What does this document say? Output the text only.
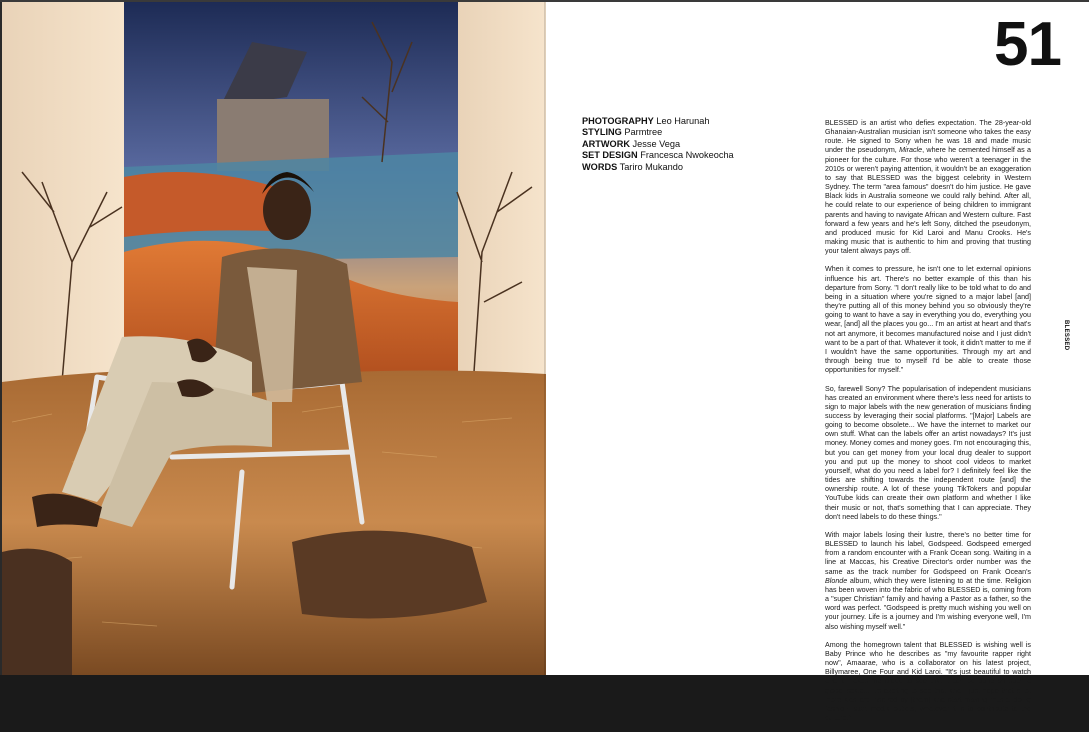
51
PHOTOGRAPHY Leo Harunah
STYLING Parmtree
ARTWORK Jesse Vega
SET DESIGN Francesca Nwokeocha
WORDS Tariro Mukando

BLESSED is an artist who defies expectation. The 28-year-old Ghanaian-Australian musician isn't someone who takes the easy route. He signed to Sony when he was 18 and made music under the pseudonym, Miracle, where he cemented himself as a pioneer for the culture. For those who weren't a teenager in the 2010s or weren't paying attention, it wouldn't be an exaggeration to say that BLESSED was the biggest celebrity in Western Sydney. The term "area famous" doesn't do him justice. He gave Black kids in Australia someone we could rally behind. After all, he could relate to our experience of being children to immigrant parents and having to navigate African and Western culture. Fast forward a few years and he's left Sony, ditched the pseudonym, and produced music for Kid Laroi and Manu Crooks. He's making music that is authentic to him and proving that trusting your talent always pays off.

When it comes to pressure, he isn't one to let external opinions influence his art. There's no better example of this than his departure from Sony. "I don't really like to be told what to do and being in a situation where you're signed to a major label [and] they're putting all of this money behind you so obviously they're going to want to have a say in everything you do, everything you wear, [and] all the places you go... I'm an artist at heart and that's not art anymore, it becomes manufactured noise and I just didn't want to be a part of that. Whatever it took, it didn't matter to me if I wouldn't have the same opportunities. Through my art and through being true to myself I'd be able to create those opportunities for myself."

So, farewell Sony? The popularisation of independent musicians has created an environment where there's less need for artists to sign to major labels with the new generation of musicians finding success by leveraging their social platforms. "[Major] Labels are going to become obsolete... We have the internet to market our own stuff. What can the labels offer an artist nowadays? It's just money. Money comes and money goes. I'm not encouraging this, but you can get money from your local drug dealer to support you and put up the money to shoot cool videos to market yourself, what do you need a label for? I definitely feel like the tides are shifting towards the independent route [and] the ownership route. A lot of these young TikTokers and popular YouTube kids can create their own platform and whether I like their music or not, that's something that I can appreciate. They don't need labels to do these things."

With major labels losing their lustre, there's no better time for BLESSED to launch his label, Godspeed. Godspeed emerged from a random encounter with a Frank Ocean song. Waiting in a line at Maccas, his Creative Director's order number was the same as the track number for Godspeed on Frank Ocean's Blonde album, which they were listening to at the time. Religion has been woven into the fabric of who BLESSED is, coming from a "super Christian" family and having a Pastor as a father, so the word was perfect. "Godspeed is pretty much wishing you well on your journey. Life is a journey and I'm wishing everyone well, I'm also wishing myself well."

Among the homegrown talent that BLESSED is wishing well is Baby Prince who he describes as "my favourite rapper right now", Amaarae, who is a collaborator on his latest project, Billymaree, One Four and Kid Laroi. "It's just beautiful to watch and it makes me proud to see that it can be done on such a global scale... it's exciting to see that and I just hope that a lot more kids are inspired by [them] and start making music, doing fashion, start media outlets, whatever it is to contribute to the culture."

BLESSED
